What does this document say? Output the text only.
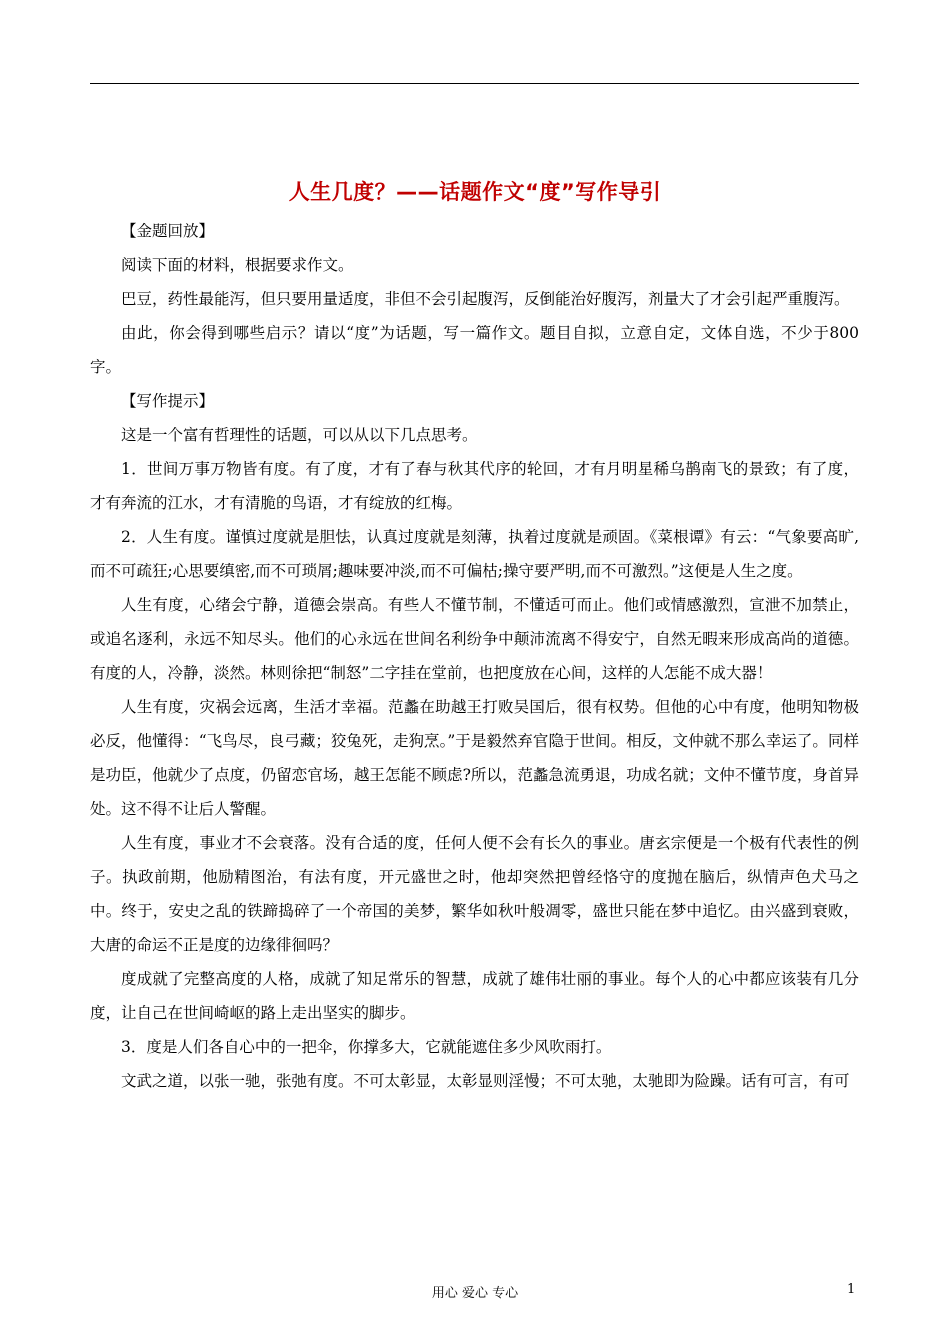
人生几度？——话题作文“度”写作导引

【金题回放】

阅读下面的材料，根据要求作文。

巴豆，药性最能泻，但只要用量适度，非但不会引起腹泻，反倒能治好腹泻，剂量大了才会引起严重腹泻。

由此，你会得到哪些启示？请以“度”为话题，写一篇作文。题目自拟，立意自定，文体自选，不少于800字。

【写作提示】

这是一个富有哲理性的话题，可以从以下几点思考。

1．世间万事万物皆有度。有了度，才有了春与秋其代序的轮回，才有月明星稀乌鹊南飞的景致；有了度，才有奔流的江水，才有清脆的鸟语，才有绽放的红梅。

2．人生有度。谨慎过度就是胆怯，认真过度就是刻薄，执着过度就是顽固。《菜根谭》有云：“气象要高旷,而不可疏狂;心思要缜密,而不可琐屑;趣味要冲淡,而不可偏枯;操守要严明,而不可激烈。”这便是人生之度。

人生有度，心绪会宁静，道德会崇高。有些人不懂节制，不懂适可而止。他们或情感激烈，宣泄不加禁止，或追名逐利，永远不知尽头。他们的心永远在世间名利纷争中颠沛流离不得安宁，自然无暇来形成高尚的道德。有度的人，冷静，淡然。林则徐把“制怒”二字挂在堂前，也把度放在心间，这样的人怎能不成大器！

人生有度，灾祸会远离，生活才幸福。范蠡在助越王打败吴国后，很有权势。但他的心中有度，他明知物极必反，他懂得：“飞鸟尽，良弓藏；狡兔死，走狗烹。”于是毅然弃官隐于世间。相反，文仲就不那么幸运了。同样是功臣，他就少了点度，仍留恋官场，越王怎能不顾虑?所以，范蠡急流勇退，功成名就；文仲不懂节度，身首异处。这不得不让后人警醒。

人生有度，事业才不会衰落。没有合适的度，任何人便不会有长久的事业。唐玄宗便是一个极有代表性的例子。执政前期，他励精图治，有法有度，开元盛世之时，他却突然把曾经恪守的度抛在脑后，纵情声色犬马之中。终于，安史之乱的铁蹄捣碎了一个帝国的美梦，繁华如秋叶般凋零，盛世只能在梦中追忆。由兴盛到衰败，大唐的命运不正是度的边缘徘徊吗？

度成就了完整高度的人格，成就了知足常乐的智慧，成就了雄伟壮丽的事业。每个人的心中都应该装有几分度，让自己在世间崎岖的路上走出坚实的脚步。

3．度是人们各自心中的一把伞，你撑多大，它就能遮住多少风吹雨打。

文武之道，以张一驰，张弛有度。不可太彰显，太彰显则淫慢；不可太驰，太驰即为险躁。话有可言，有可

用心 爱心 专心	1
